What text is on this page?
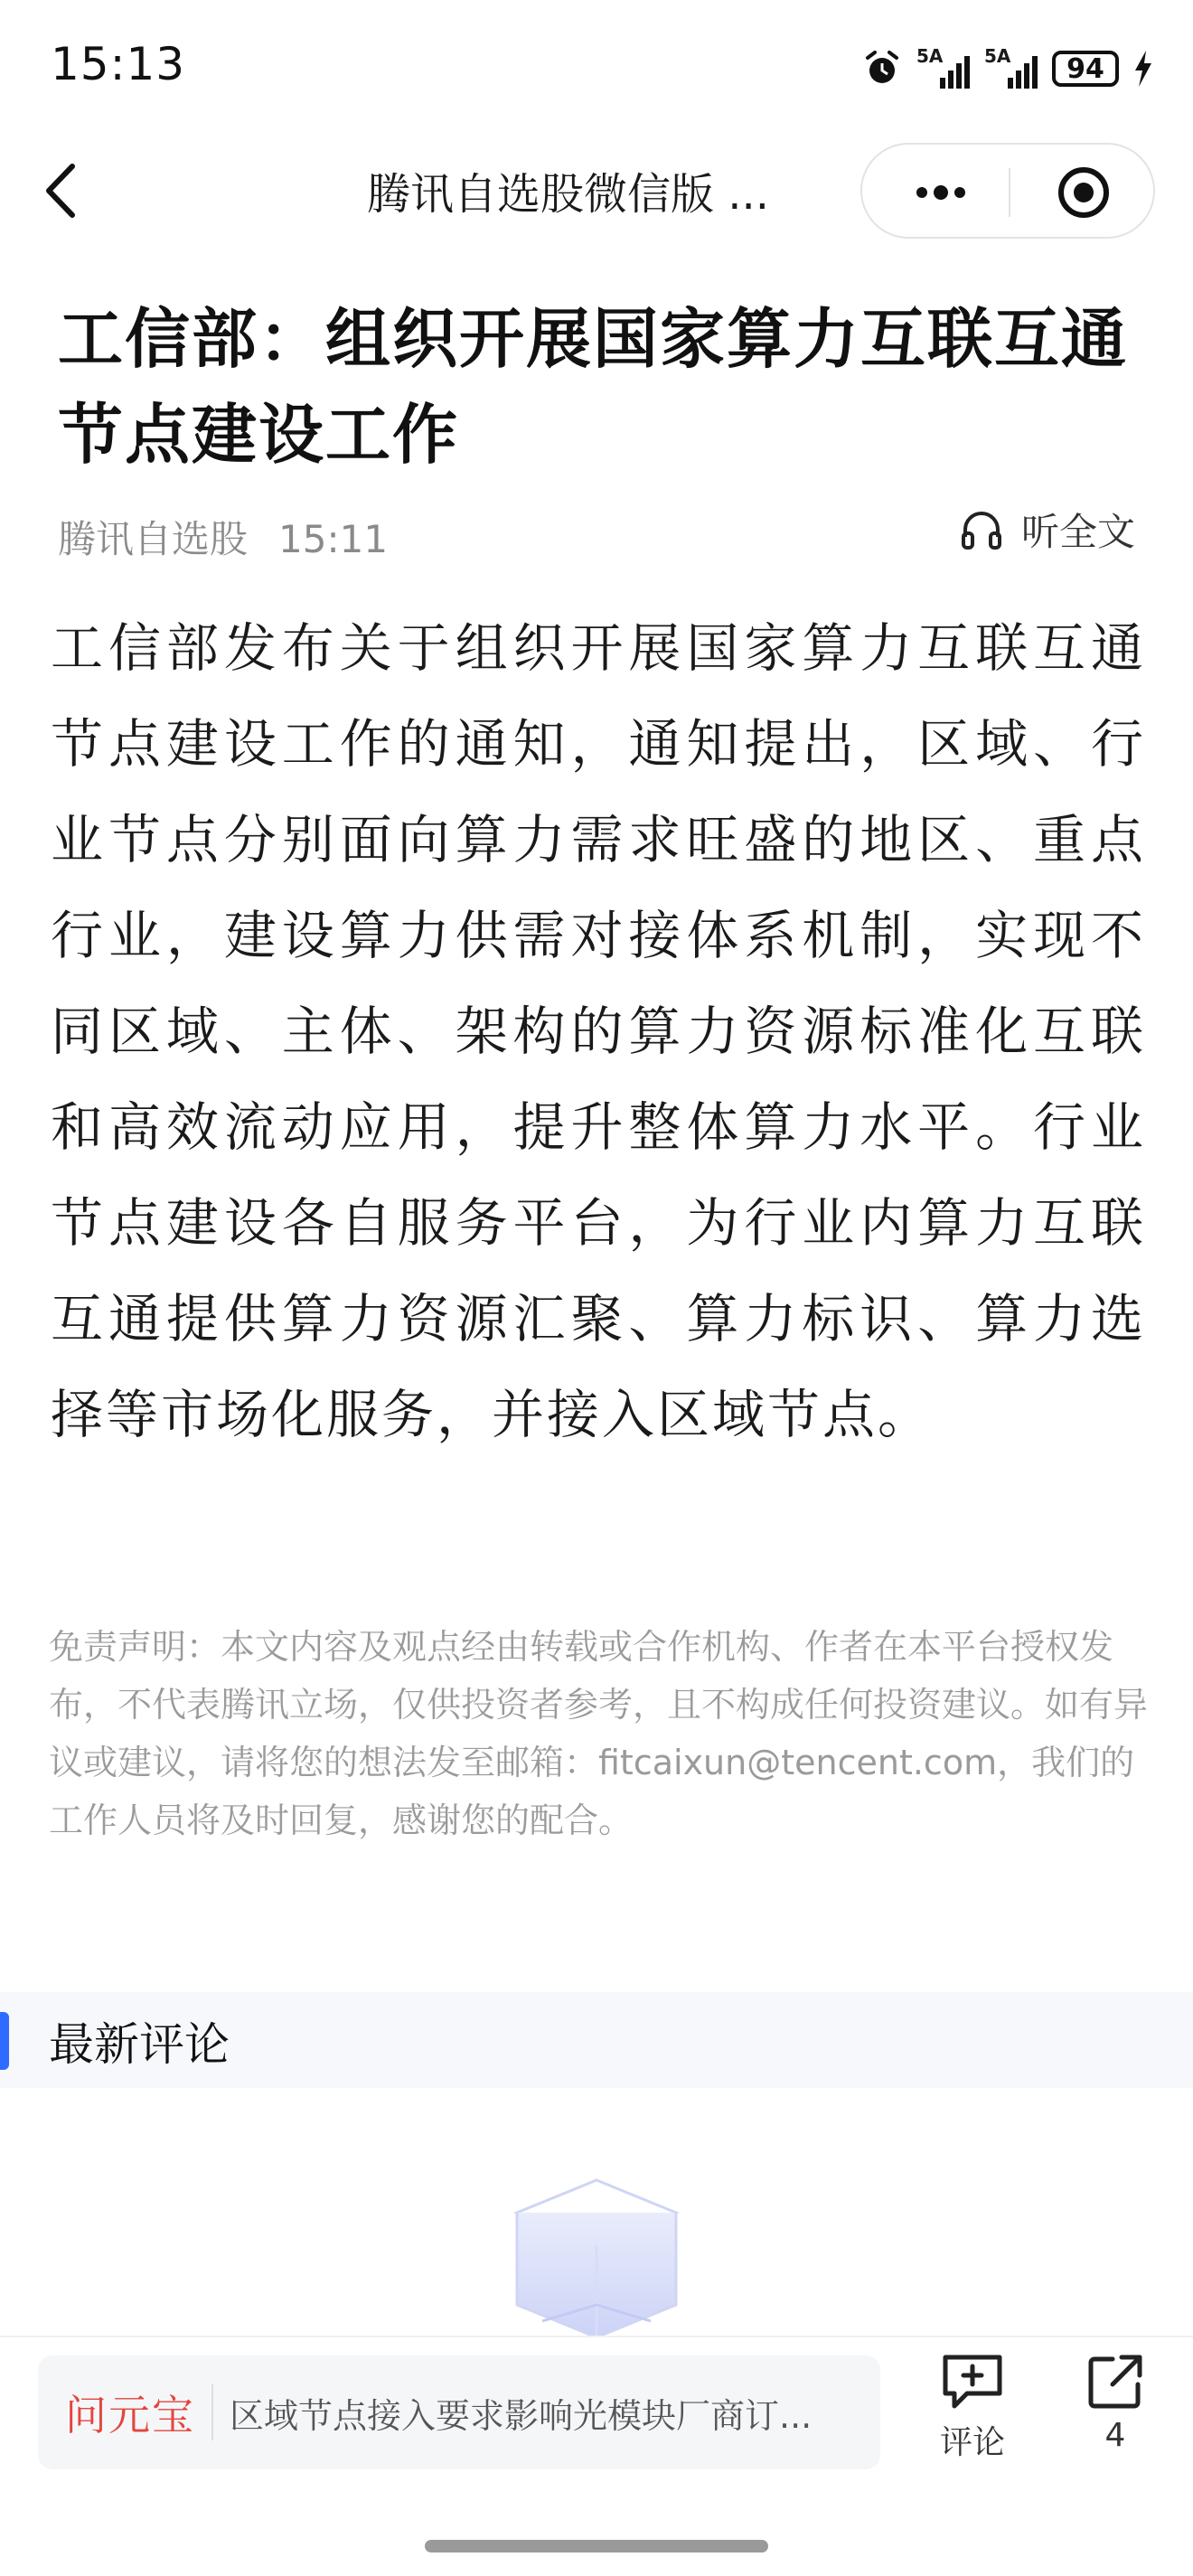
15:13	5A 5A 94
腾讯自选股微信版 ...
工信部：组织开展国家算力互联互通节点建设工作
腾讯自选股 15:11	听全文
工信部发布关于组织开展国家算力互联互通节点建设工作的通知，通知提出，区域、行业节点分别面向算力需求旺盛的地区、重点行业，建设算力供需对接体系机制，实现不同区域、主体、架构的算力资源标准化互联和高效流动应用，提升整体算力水平。行业节点建设各自服务平台，为行业内算力互联互通提供算力资源汇聚、算力标识、算力选择等市场化服务，并接入区域节点。
免责声明：本文内容及观点经由转载或合作机构、作者在本平台授权发布，不代表腾讯立场，仅供投资者参考，且不构成任何投资建议。如有异议或建议，请将您的想法发至邮箱：fitcaixun@tencent.com，我们的工作人员将及时回复，感谢您的配合。
最新评论
问元宝 区域节点接入要求影响光模块厂商订...
评论	4
